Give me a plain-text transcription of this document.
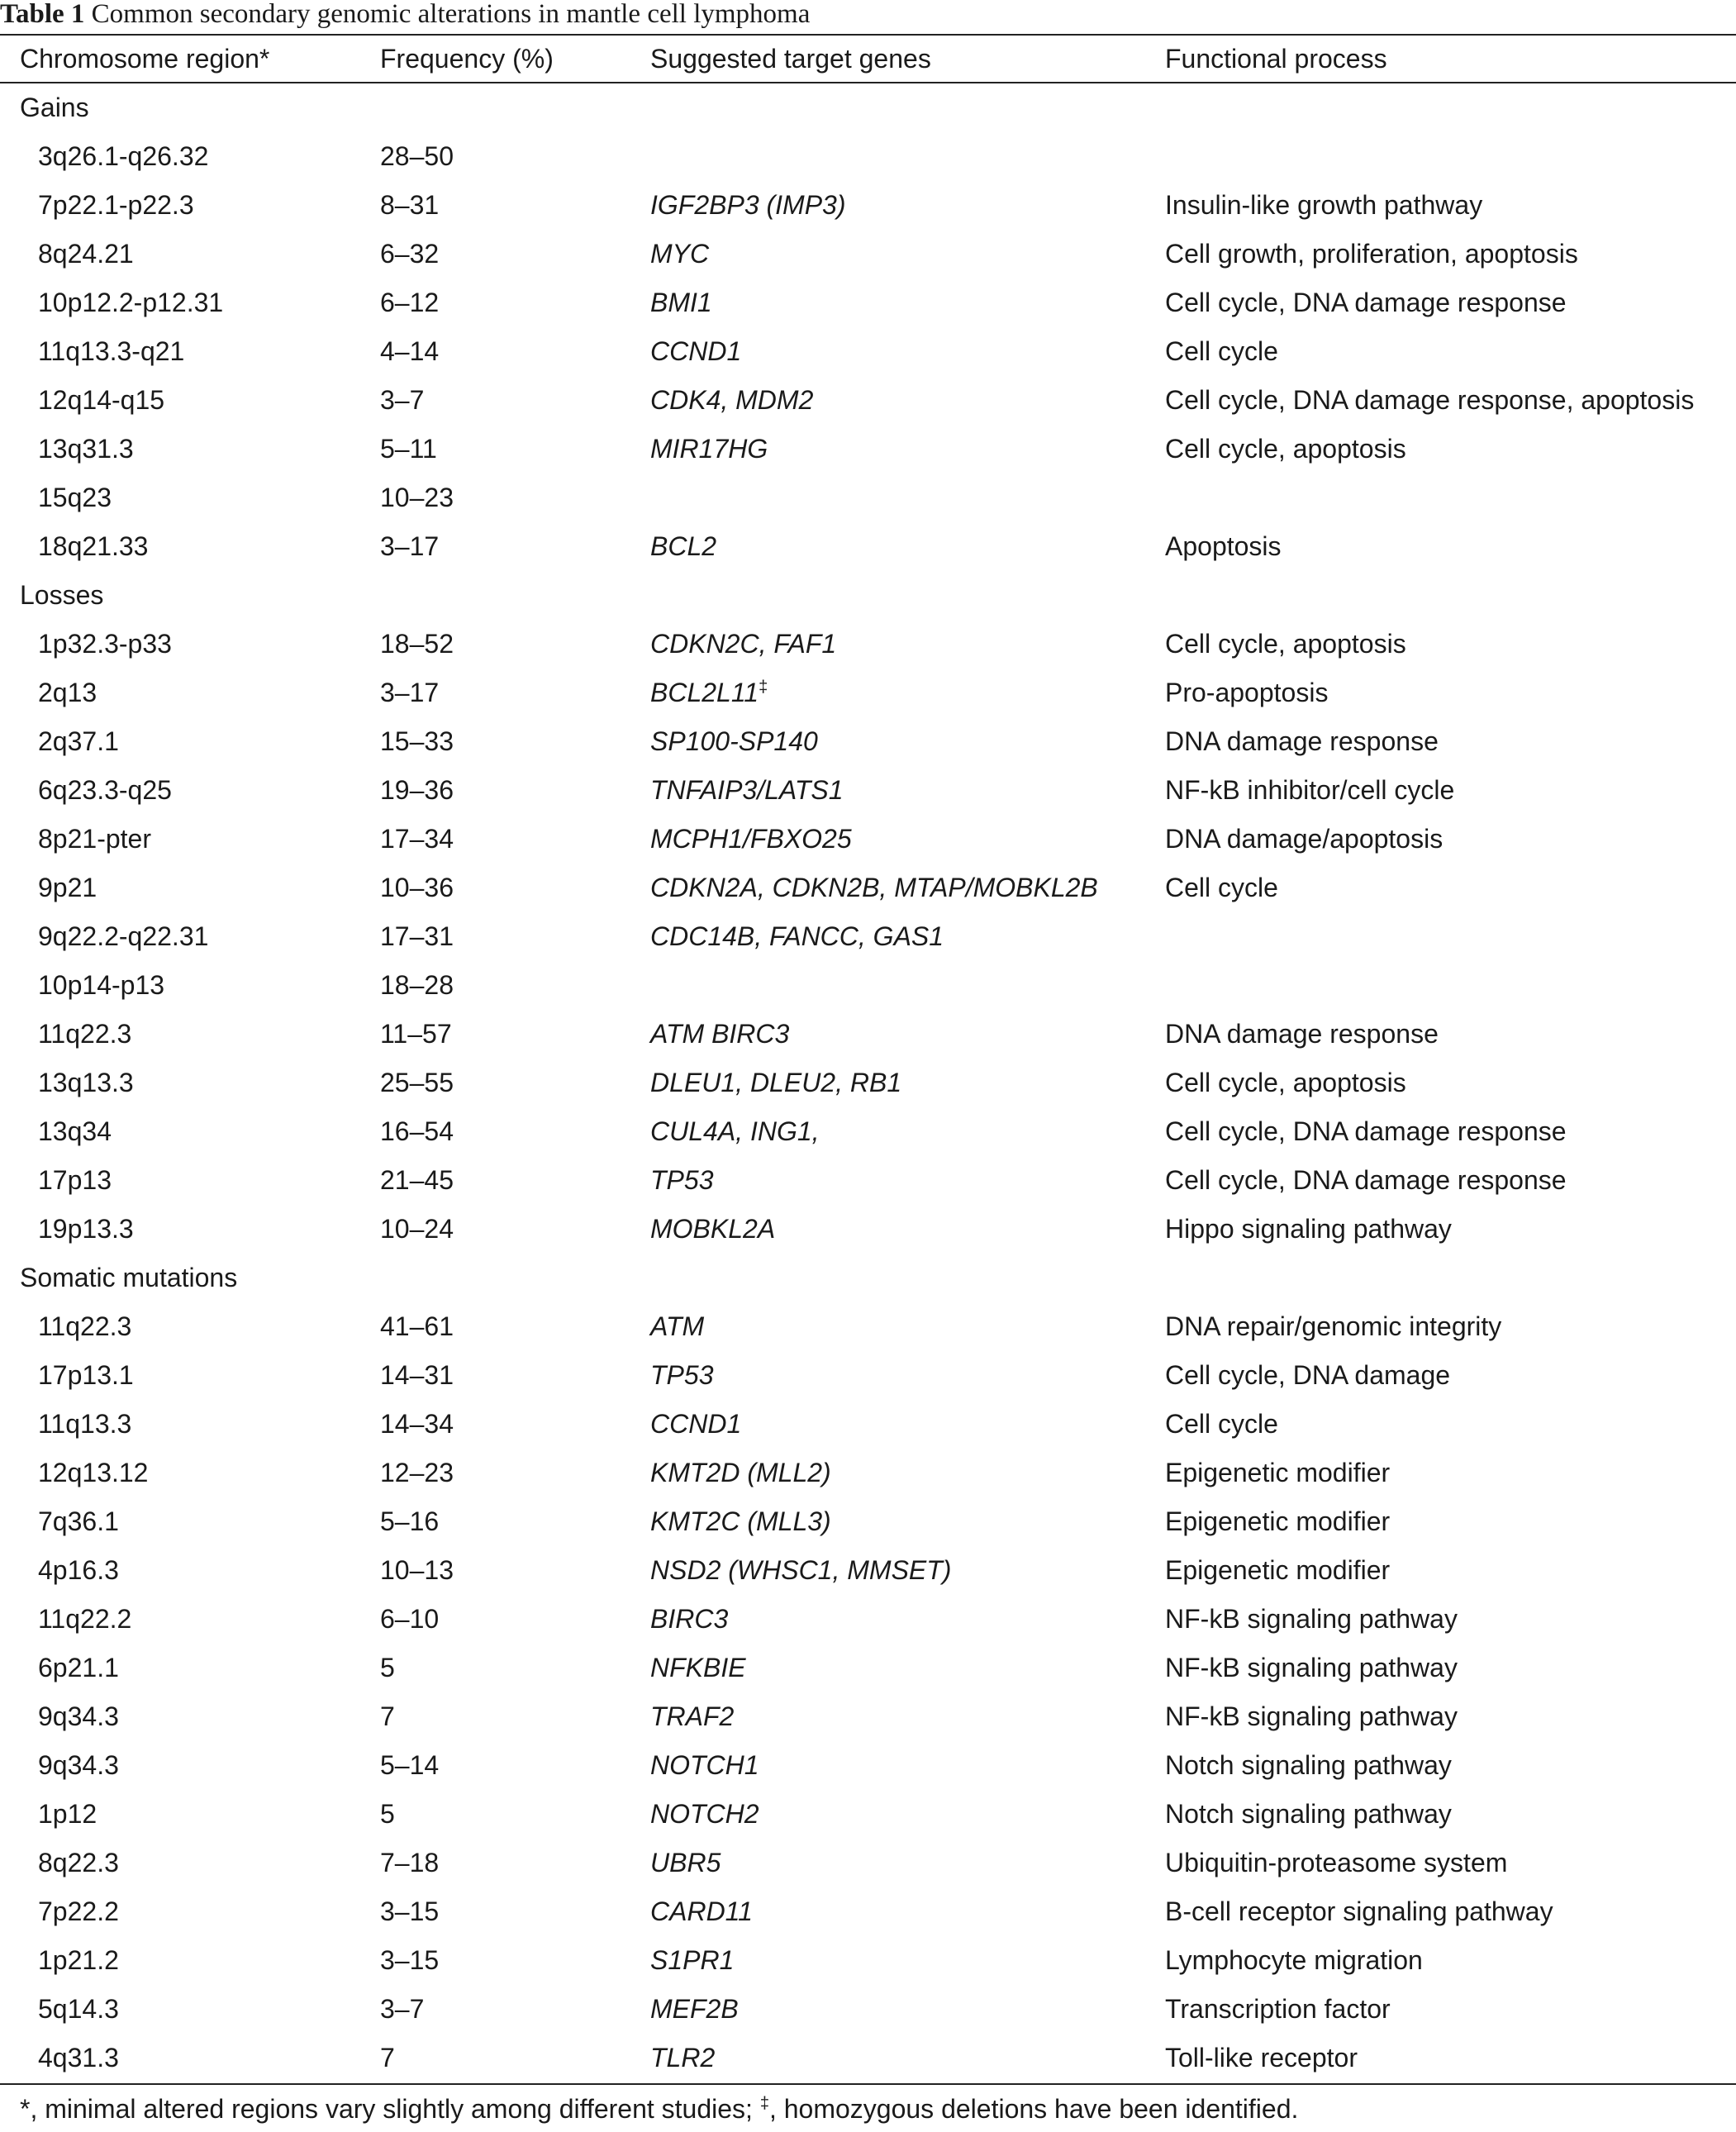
Table 1 Common secondary genomic alterations in mantle cell lymphoma
Chromosome region*	Frequency (%)	Suggested target genes	Functional process
Gains
3q26.1-q26.32	28–50
7p22.1-p22.3	8–31	IGF2BP3 (IMP3)	Insulin-like growth pathway
8q24.21	6–32	MYC	Cell growth, proliferation, apoptosis
10p12.2-p12.31	6–12	BMI1	Cell cycle, DNA damage response
11q13.3-q21	4–14	CCND1	Cell cycle
12q14-q15	3–7	CDK4, MDM2	Cell cycle, DNA damage response, apoptosis
13q31.3	5–11	MIR17HG	Cell cycle, apoptosis
15q23	10–23
18q21.33	3–17	BCL2	Apoptosis
Losses
1p32.3-p33	18–52	CDKN2C, FAF1	Cell cycle, apoptosis
2q13	3–17	BCL2L11‡	Pro-apoptosis
2q37.1	15–33	SP100-SP140	DNA damage response
6q23.3-q25	19–36	TNFAIP3/LATS1	NF-kB inhibitor/cell cycle
8p21-pter	17–34	MCPH1/FBXO25	DNA damage/apoptosis
9p21	10–36	CDKN2A, CDKN2B, MTAP/MOBKL2B	Cell cycle
9q22.2-q22.31	17–31	CDC14B, FANCC, GAS1
10p14-p13	18–28
11q22.3	11–57	ATM BIRC3	DNA damage response
13q13.3	25–55	DLEU1, DLEU2, RB1	Cell cycle, apoptosis
13q34	16–54	CUL4A, ING1,	Cell cycle, DNA damage response
17p13	21–45	TP53	Cell cycle, DNA damage response
19p13.3	10–24	MOBKL2A	Hippo signaling pathway
Somatic mutations
11q22.3	41–61	ATM	DNA repair/genomic integrity
17p13.1	14–31	TP53	Cell cycle, DNA damage
11q13.3	14–34	CCND1	Cell cycle
12q13.12	12–23	KMT2D (MLL2)	Epigenetic modifier
7q36.1	5–16	KMT2C (MLL3)	Epigenetic modifier
4p16.3	10–13	NSD2 (WHSC1, MMSET)	Epigenetic modifier
11q22.2	6–10	BIRC3	NF-kB signaling pathway
6p21.1	5	NFKBIE	NF-kB signaling pathway
9q34.3	7	TRAF2	NF-kB signaling pathway
9q34.3	5–14	NOTCH1	Notch signaling pathway
1p12	5	NOTCH2	Notch signaling pathway
8q22.3	7–18	UBR5	Ubiquitin-proteasome system
7p22.2	3–15	CARD11	B-cell receptor signaling pathway
1p21.2	3–15	S1PR1	Lymphocyte migration
5q14.3	3–7	MEF2B	Transcription factor
4q31.3	7	TLR2	Toll-like receptor
*, minimal altered regions vary slightly among different studies; ‡, homozygous deletions have been identified.
